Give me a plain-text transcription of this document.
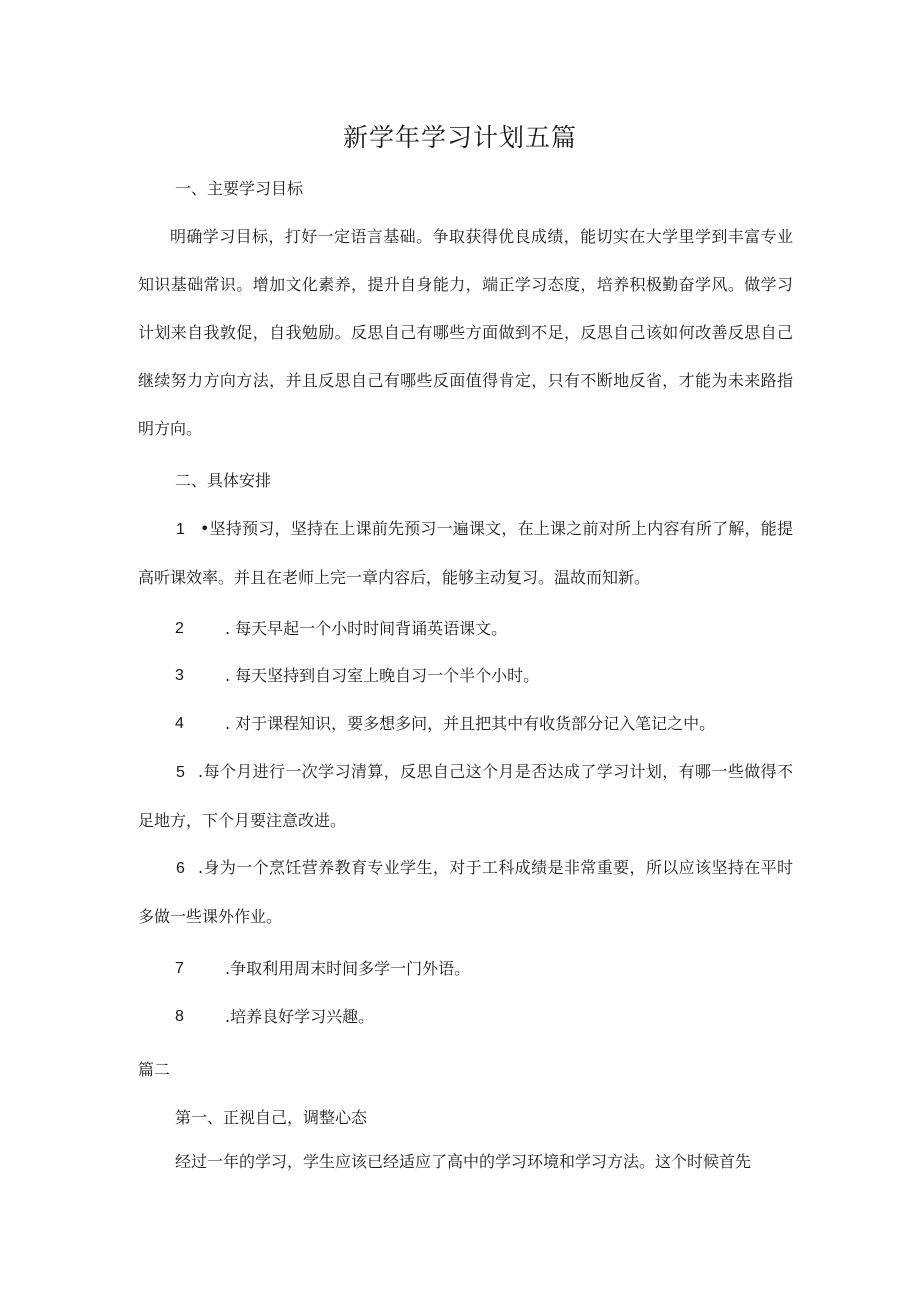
新学年学习计划五篇
一、主要学习目标
明确学习目标，打好一定语言基础。争取获得优良成绩，能切实在大学里学到丰富专业知识基础常识。增加文化素养，提升自身能力，端正学习态度，培养积极勤奋学风。做学习计划来自我敦促，自我勉励。反思自己有哪些方面做到不足，反思自己该如何改善反思自己继续努力方向方法，并且反思自己有哪些反面值得肯定，只有不断地反省，才能为未来路指明方向。
二、具体安排
1 •坚持预习，坚持在上课前先预习一遍课文，在上课之前对所上内容有所了解，能提高听课效率。并且在老师上完一章内容后，能够主动复习。温故而知新。
2	. 每天早起一个小时时间背诵英语课文。
3	. 每天坚持到自习室上晚自习一个半个小时。
4	. 对于课程知识，要多想多问，并且把其中有收货部分记入笔记之中。
5 .每个月进行一次学习清算，反思自己这个月是否达成了学习计划，有哪一些做得不足地方，下个月要注意改进。
6 .身为一个烹饪营养教育专业学生，对于工科成绩是非常重要，所以应该坚持在平时多做一些课外作业。
7	.争取利用周末时间多学一门外语。
8	.培养良好学习兴趣。
篇二
第一、正视自己，调整心态
经过一年的学习，学生应该已经适应了高中的学习环境和学习方法。这个时候首先
